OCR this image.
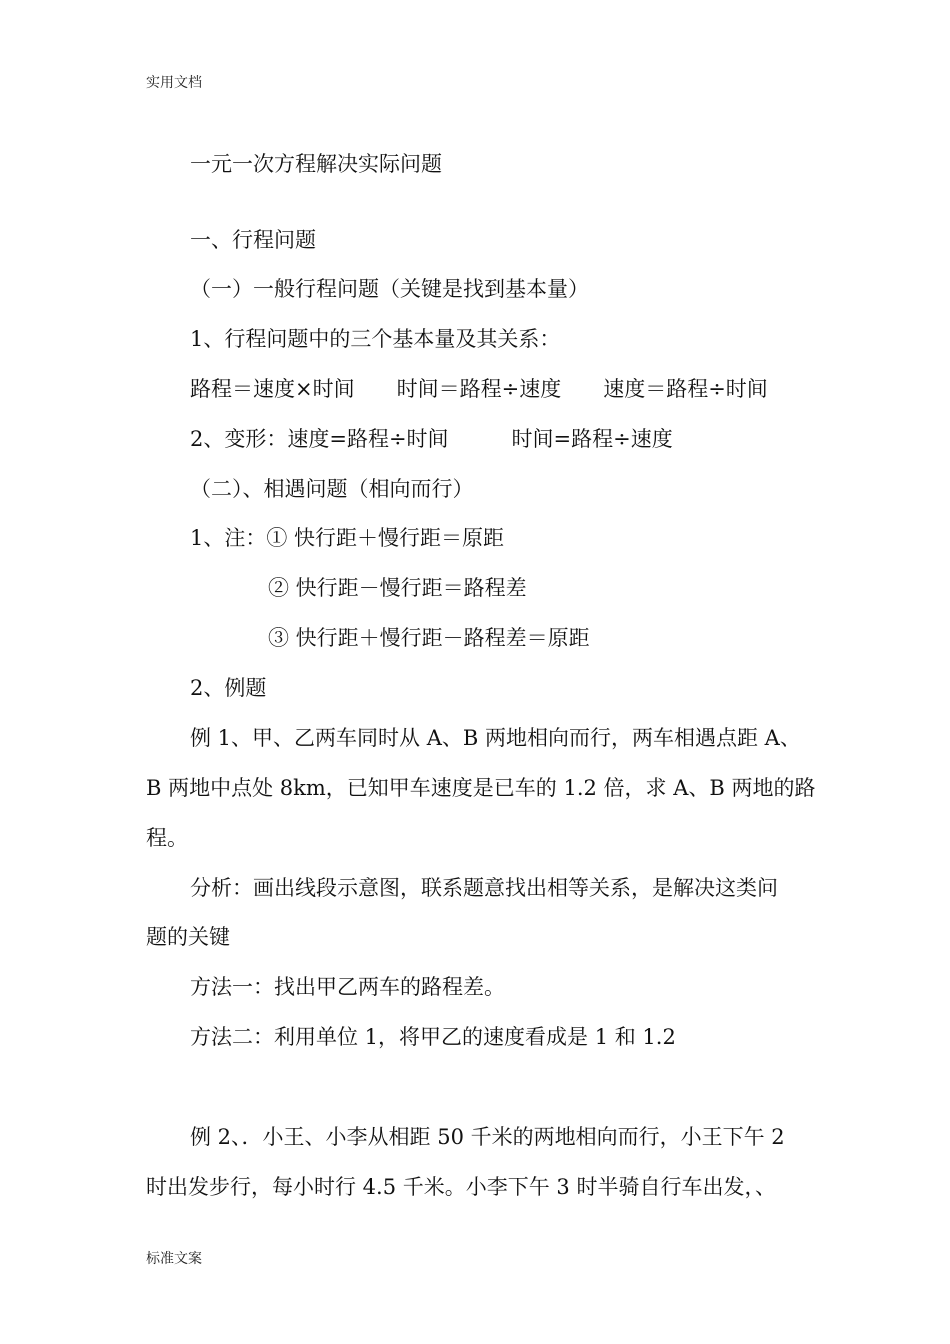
实用文档
一元一次方程解决实际问题
一、行程问题
（一）一般行程问题（关键是找到基本量）
1、行程问题中的三个基本量及其关系：
路程＝速度×时间　　时间＝路程÷速度　　速度＝路程÷时间
2、变形：速度=路程÷时间　　　时间=路程÷速度
（二）、相遇问题（相向而行）
1、注：① 快行距＋慢行距＝原距
② 快行距－慢行距＝路程差
③ 快行距＋慢行距－路程差＝原距
2、例题
例 1、甲、乙两车同时从 A、B 两地相向而行，两车相遇点距 A、
B 两地中点处 8km，已知甲车速度是已车的 1.2 倍，求 A、B 两地的路
程。
分析：画出线段示意图，联系题意找出相等关系，是解决这类问
题的关键
方法一：找出甲乙两车的路程差。
方法二：利用单位 1，将甲乙的速度看成是 1 和 1.2
例 2、．小王、小李从相距 50 千米的两地相向而行，小王下午 2
时出发步行，每小时行 4.5 千米。小李下午 3 时半骑自行车出发，、
标准文案
